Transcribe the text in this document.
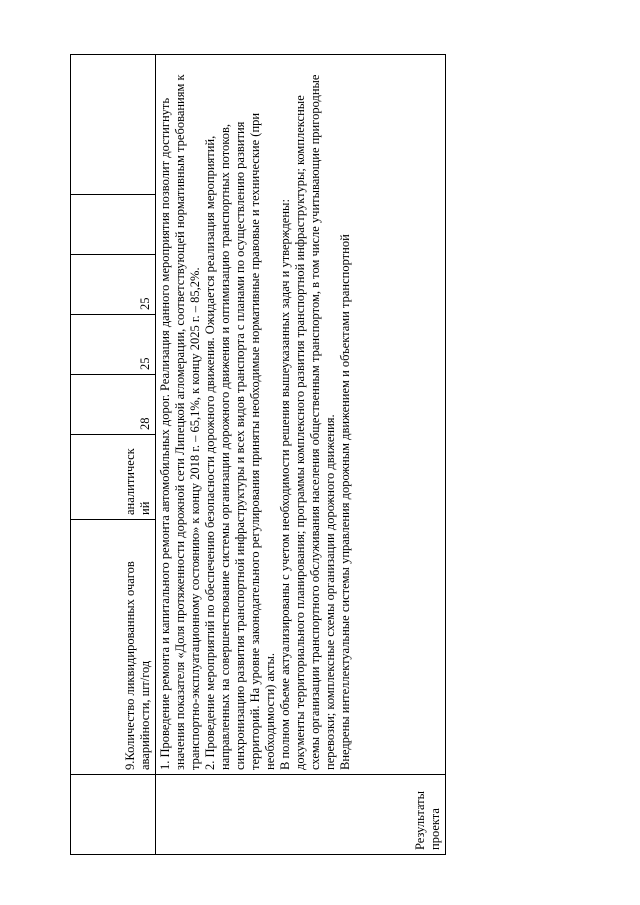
	9.Количество ликвидированных очагов аварийности, шт/год	аналитическ ий	28	25	25		
Результаты проекта	1. Проведение ремонта и капитального ремонта автомобильных дорог. Реализация данного мероприятия позволит достигнуть значения показателя «Доля протяженности дорожной сети Липецкой агломерации, соответствующей нормативным требованиям к транспортно-эксплуатационному состоянию» к концу 2018 г. – 65,1%, к концу 2025 г. – 85,2%. 2. Проведение мероприятий по обеспечению безопасности дорожного движения. Ожидается реализация мероприятий, направленных на совершенствование системы организации дорожного движения и оптимизацию транспортных потоков, синхронизацию развития транспортной инфраструктуры и всех видов транспорта с планами по осуществлению развития территорий. На уровне законодательного регулирования приняты необходимые нормативные правовые и технические (при необходимости) акты. В полном объеме актуализированы с учетом необходимости решения вышеуказанных задач и утверждены: документы территориального планирования; программы комплексного развития транспортной инфраструктуры; комплексные схемы организации транспортного обслуживания населения общественным транспортом, в том числе учитывающие пригородные перевозки; комплексные схемы организации дорожного движения. Внедрены интеллектуальные системы управления дорожным движением и объектами транспортной						
